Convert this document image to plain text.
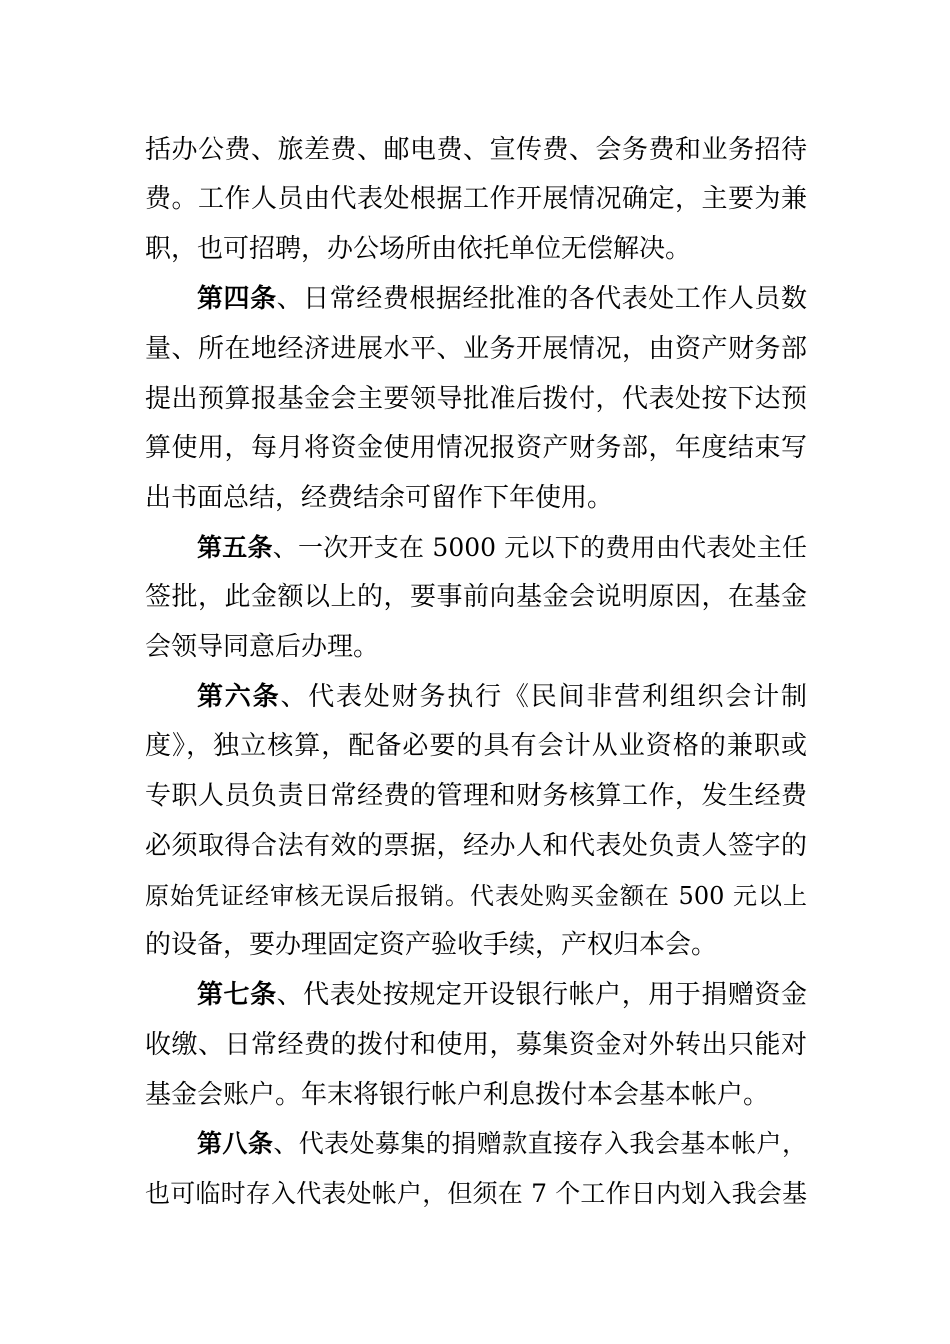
括办公费、旅差费、邮电费、宣传费、会务费和业务招待
费。工作人员由代表处根据工作开展情况确定，主要为兼
职，也可招聘，办公场所由依托单位无偿解决。
第四条、日常经费根据经批准的各代表处工作人员数
量、所在地经济进展水平、业务开展情况，由资产财务部
提出预算报基金会主要领导批准后拨付，代表处按下达预
算使用，每月将资金使用情况报资产财务部，年度结束写
出书面总结，经费结余可留作下年使用。
第五条、一次开支在 5000 元以下的费用由代表处主任
签批，此金额以上的，要事前向基金会说明原因，在基金
会领导同意后办理。
第六条、代表处财务执行《民间非营利组织会计制
度》，独立核算，配备必要的具有会计从业资格的兼职或
专职人员负责日常经费的管理和财务核算工作，发生经费
必须取得合法有效的票据，经办人和代表处负责人签字的
原始凭证经审核无误后报销。代表处购买金额在 500 元以上
的设备，要办理固定资产验收手续，产权归本会。
第七条、代表处按规定开设银行帐户，用于捐赠资金
收缴、日常经费的拨付和使用，募集资金对外转出只能对
基金会账户。年末将银行帐户利息拨付本会基本帐户。
第八条、代表处募集的捐赠款直接存入我会基本帐户，
也可临时存入代表处帐户，但须在 7 个工作日内划入我会基
